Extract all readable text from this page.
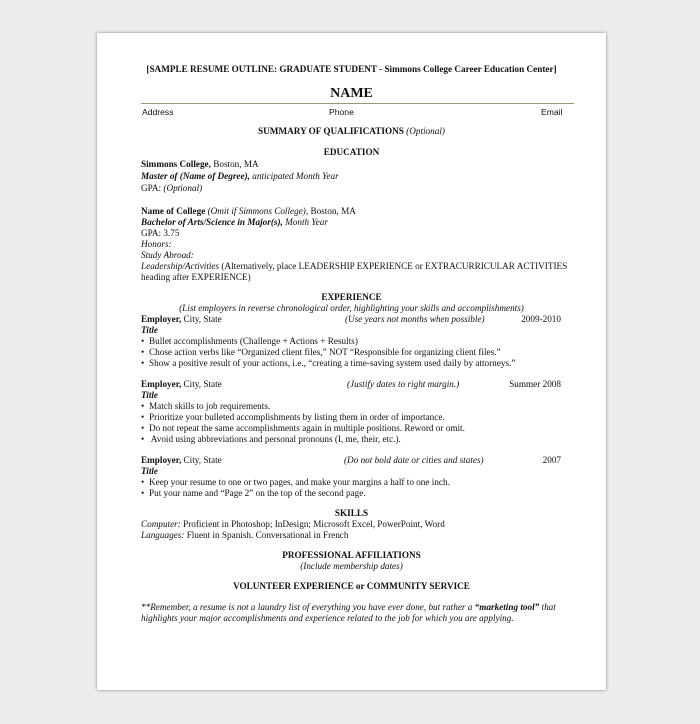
[SAMPLE RESUME OUTLINE: GRADUATE STUDENT - Simmons College Career Education Center]
NAME
Address	Phone	Email
SUMMARY OF QUALIFICATIONS (Optional)
EDUCATION
Simmons College, Boston, MA
Master of (Name of Degree), anticipated Month Year
GPA: (Optional)
Name of College (Omit if Simmons College), Boston, MA
Bachelor of Arts/Science in Major(s), Month Year
GPA: 3.75
Honors:
Study Abroad:
Leadership/Activities (Alternatively, place LEADERSHIP EXPERIENCE or EXTRACURRICULAR ACTIVITIES
heading after EXPERIENCE)
EXPERIENCE
(List employers in reverse chronological order, highlighting your skills and accomplishments)
Employer, City, State	(Use years not months when possible)	2009-2010
Title
• Bullet accomplishments (Challenge + Actions + Results)
• Chose action verbs like “Organized client files,” NOT “Responsible for organizing client files.”
• Show a positive result of your actions, i.e., “creating a time-saving system used daily by attorneys.”
Employer, City, State	(Justify dates to right margin.)	Summer 2008
Title
• Match skills to job requirements.
• Prioritize your bulleted accomplishments by listing them in order of importance.
• Do not repeat the same accomplishments again in multiple positions. Reword or omit.
• Avoid using abbreviations and personal pronouns (I, me, their, etc.).
Employer, City, State	(Do not bold date or cities and states)	2007
Title
• Keep your resume to one or two pages, and make your margins a half to one inch.
• Put your name and “Page 2” on the top of the second page.
SKILLS
Computer: Proficient in Photoshop; InDesign; Microsoft Excel, PowerPoint, Word
Languages: Fluent in Spanish. Conversational in French
PROFESSIONAL AFFILIATIONS
(Include membership dates)
VOLUNTEER EXPERIENCE or COMMUNITY SERVICE
**Remember, a resume is not a laundry list of everything you have ever done, but rather a “marketing tool” that
highlights your major accomplishments and experience related to the job for which you are applying.
